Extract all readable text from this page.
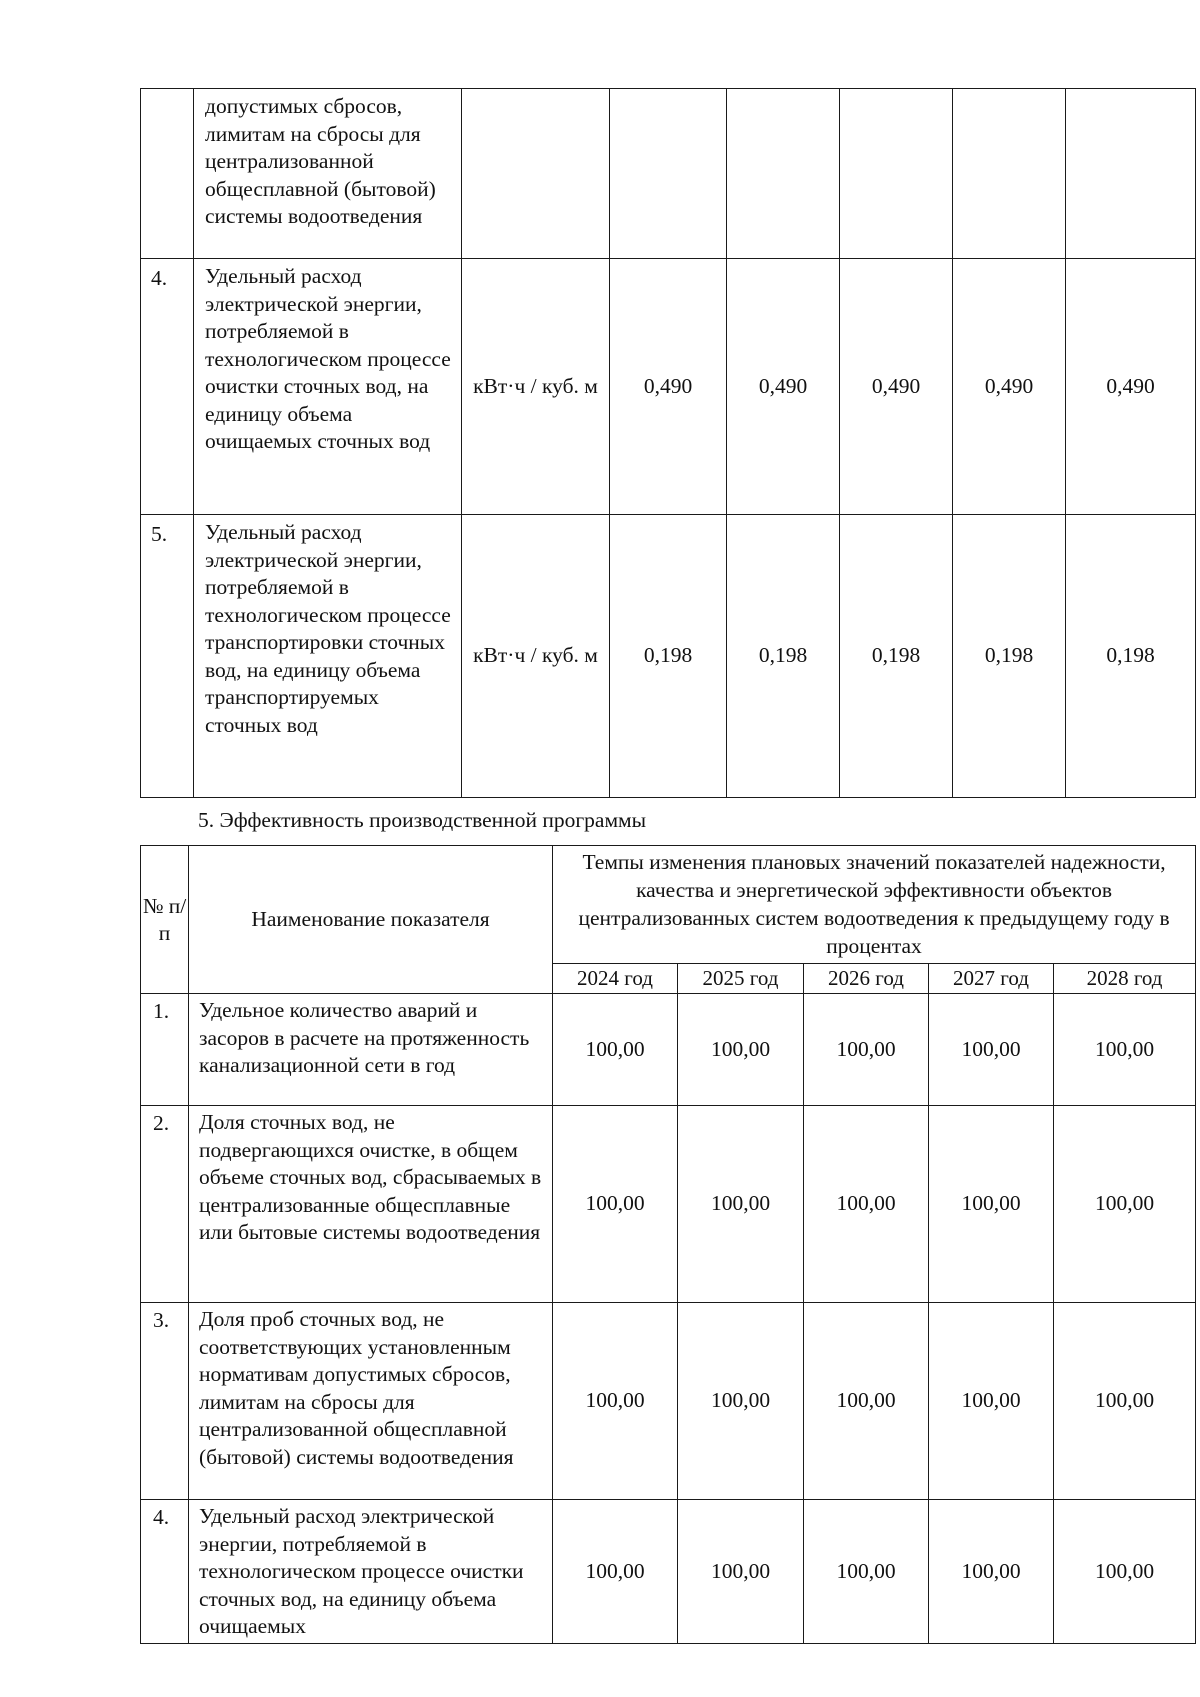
	допустимых сбросов, лимитам на сбросы для централизованной общесплавной (бытовой) системы водоотведения						
4.	Удельный расход электрической энергии, потребляемой в технологическом процессе очистки сточных вод, на единицу объема очищаемых сточных вод	кВт·ч / куб. м	0,490	0,490	0,490	0,490	0,490
5.	Удельный расход электрической энергии, потребляемой в технологическом процессе транспортировки сточных вод, на единицу объема транспортируемых сточных вод	кВт·ч / куб. м	0,198	0,198	0,198	0,198	0,198
5. Эффективность производственной программы
№ п/ п	Наименование показателя	Темпы изменения плановых значений показателей надежности, качества и энергетической эффективности объектов централизованных систем водоотведения к предыдущему году в процентах				
		2024 год	2025 год	2026 год	2027 год	2028 год
1.	Удельное количество аварий и засоров в расчете на протяженность канализационной сети в год	100,00	100,00	100,00	100,00	100,00
2.	Доля сточных вод, не подвергающихся очистке, в общем объеме сточных вод, сбрасываемых в централизованные общесплавные или бытовые системы водоотведения	100,00	100,00	100,00	100,00	100,00
3.	Доля проб сточных вод, не соответствующих установленным нормативам допустимых сбросов, лимитам на сбросы для централизованной общесплавной (бытовой) системы водоотведения	100,00	100,00	100,00	100,00	100,00
4.	Удельный расход электрической энергии, потребляемой в технологическом процессе очистки сточных вод, на единицу объема очищаемых	100,00	100,00	100,00	100,00	100,00
